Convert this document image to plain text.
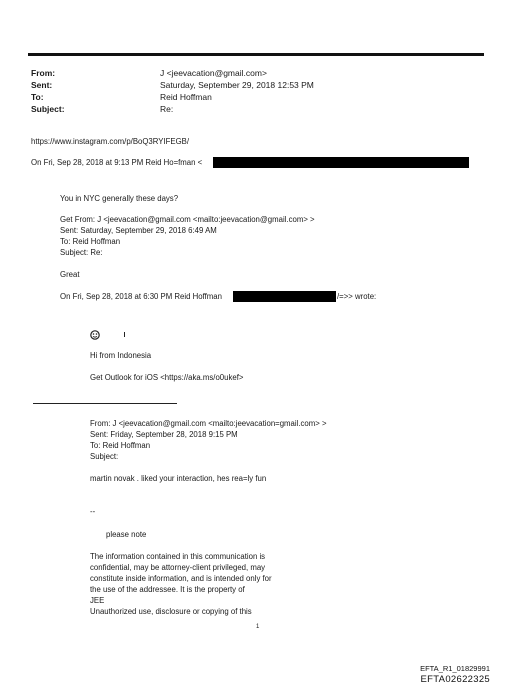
From:	J <jeevacation@gmail.com>
Sent:	Saturday, September 29, 2018 12:53 PM
To:	Reid Hoffman
Subject:	Re:
https://www.instagram.com/p/BoQ3RYIFEGB/
On Fri, Sep 28, 2018 at 9:13 PM Reid Ho=fman <
You in NYC generally these days?
Get From: J <jeevacation@gmail.com <mailto:jeevacation@gmail.com> >
Sent: Saturday, September 29, 2018 6:49 AM
To: Reid Hoffman
Subject: Re:
Great
On Fri, Sep 28, 2018 at 6:30 PM Reid Hoffman	/=>> wrote:
Hi from Indonesia
Get Outlook for iOS <https://aka.ms/o0ukef>
From: J <jeevacation@gmail.com <mailto:jeevacation=gmail.com> >
Sent: Friday, September 28, 2018 9:15 PM
To: Reid Hoffman
Subject:
martin novak . liked your interaction, hes rea=ly fun
--
please note
The information contained in this communication is
confidential, may be attorney-client privileged, may
constitute inside information, and is intended only for
the use of the addressee. It is the property of
JEE
Unauthorized use, disclosure or copying of this
1
EFTA_R1_01829991
EFTA02622325
